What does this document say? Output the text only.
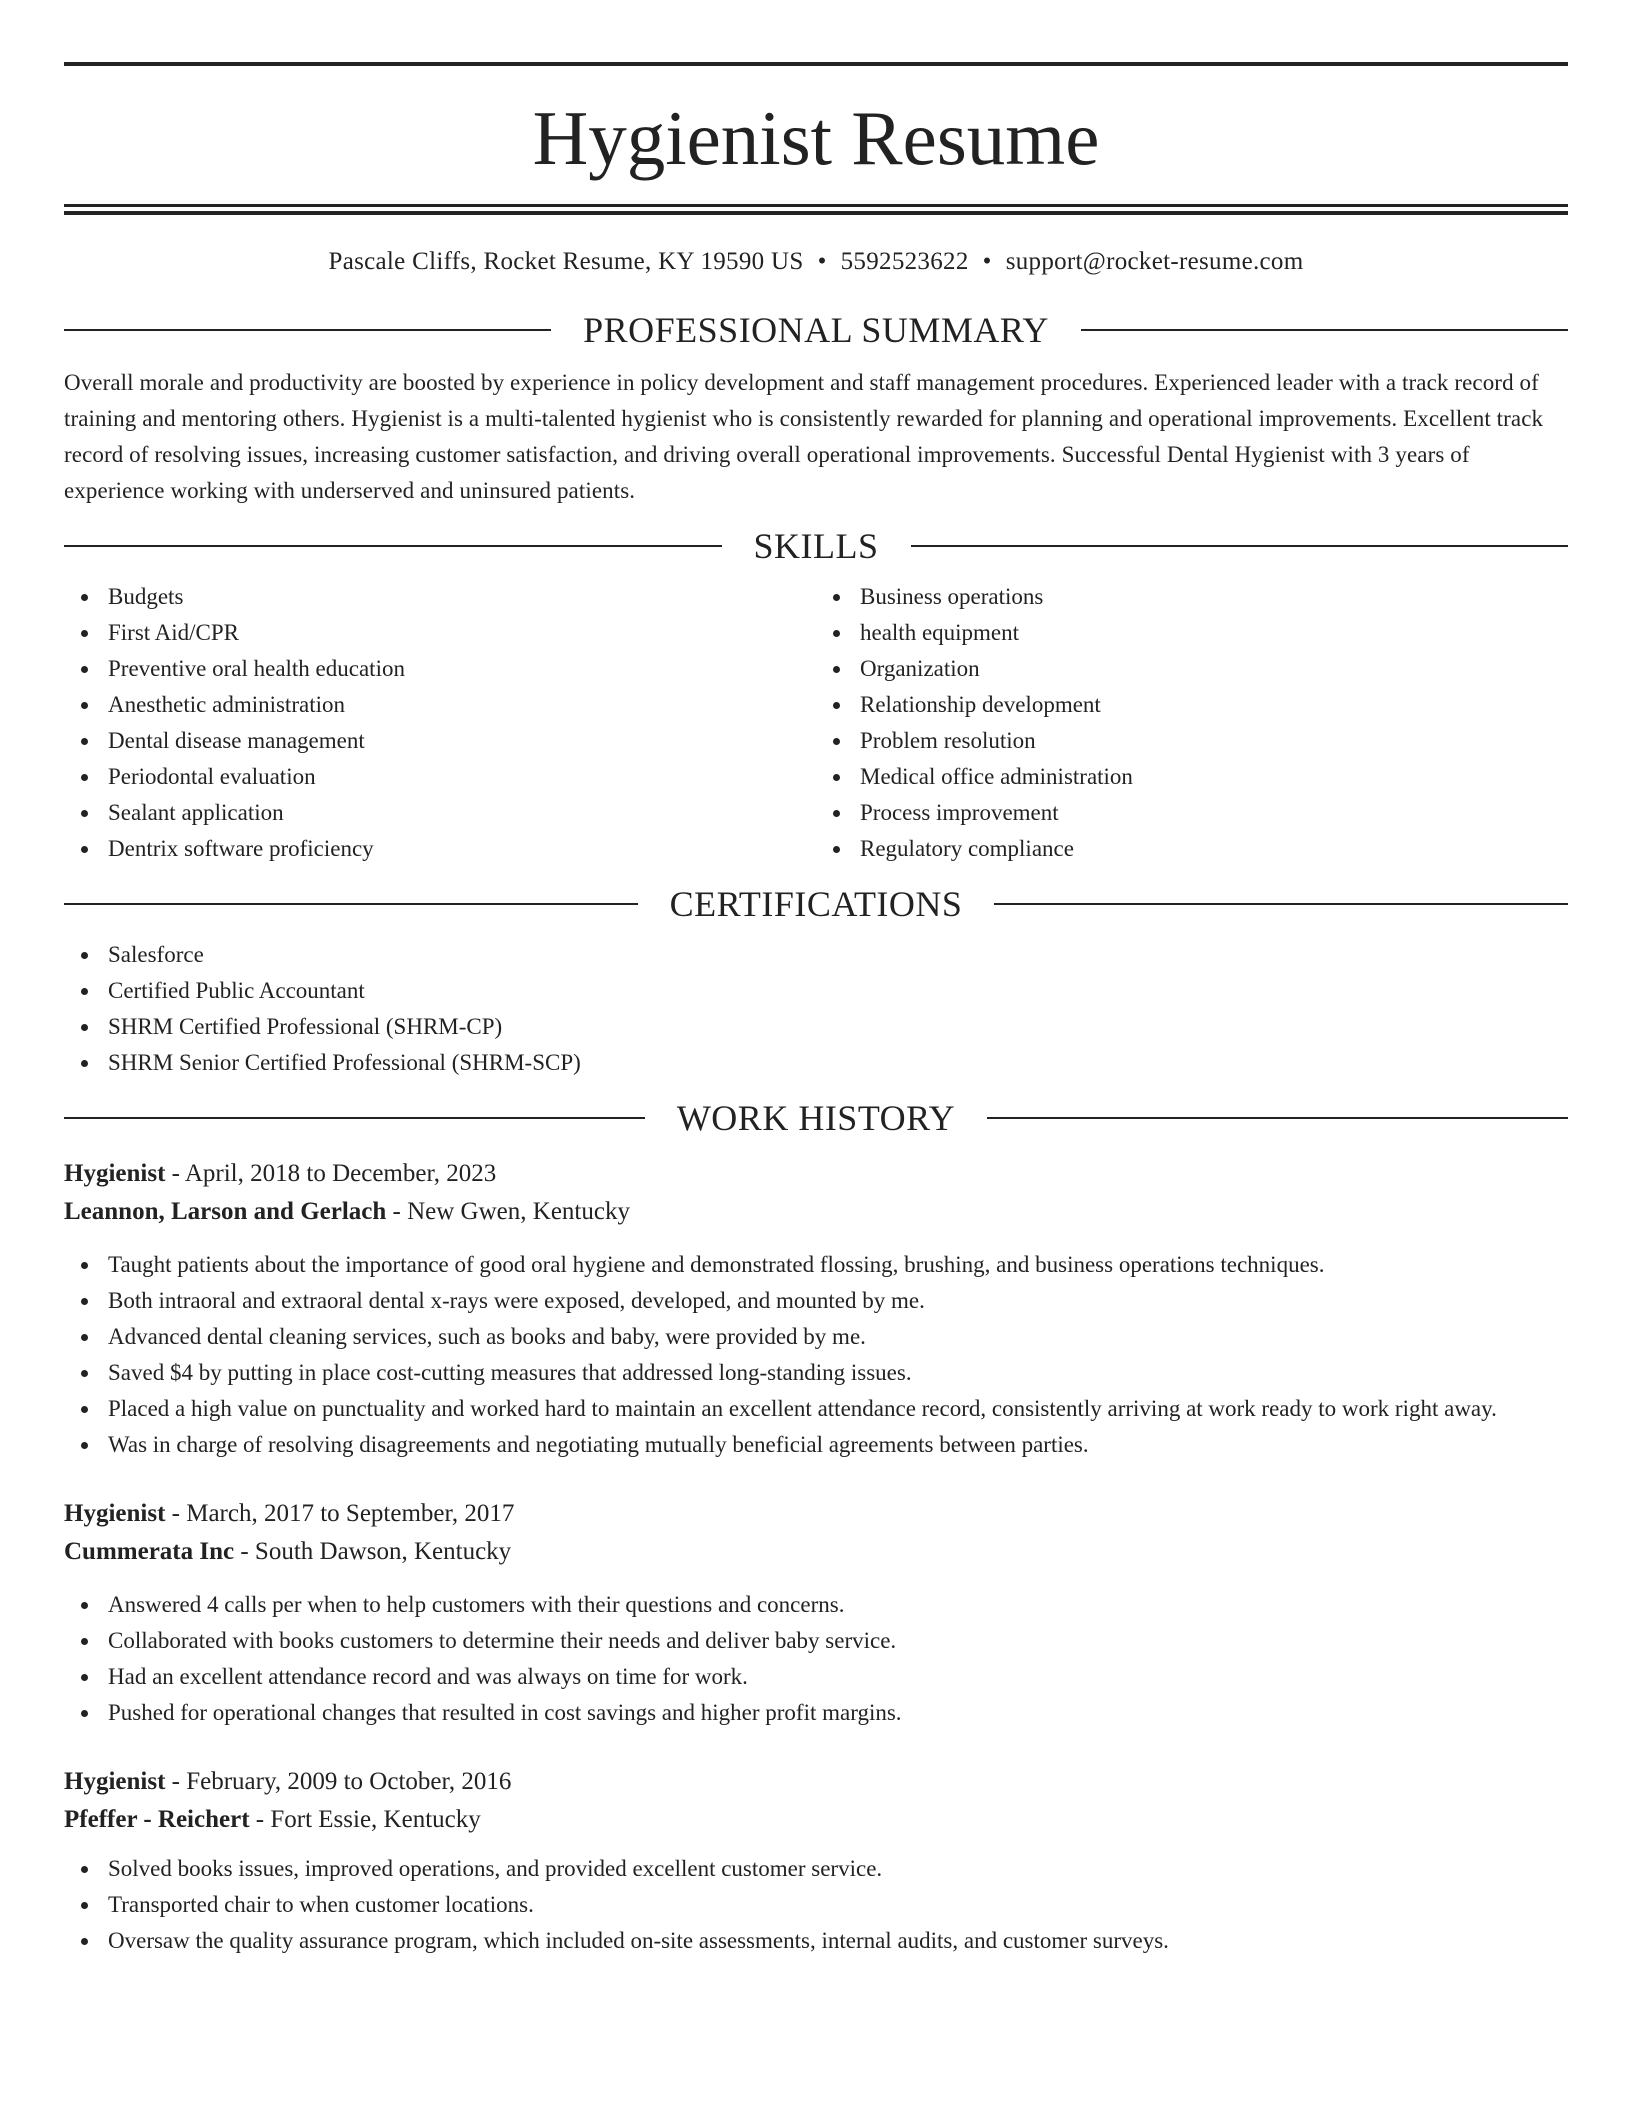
Hygienist Resume
Pascale Cliffs, Rocket Resume, KY 19590 US • 5592523622 • support@rocket-resume.com
PROFESSIONAL SUMMARY

Overall morale and productivity are boosted by experience in policy development and staff management procedures. Experienced leader with a track record of training and mentoring others. Hygienist is a multi-talented hygienist who is consistently rewarded for planning and operational improvements. Excellent track record of resolving issues, increasing customer satisfaction, and driving overall operational improvements. Successful Dental Hygienist with 3 years of experience working with underserved and uninsured patients.

SKILLS
Budgets
First Aid/CPR
Preventive oral health education
Anesthetic administration
Dental disease management
Periodontal evaluation
Sealant application
Dentrix software proficiency
Business operations
health equipment
Organization
Relationship development
Problem resolution
Medical office administration
Process improvement
Regulatory compliance
CERTIFICATIONS
Salesforce
Certified Public Accountant
SHRM Certified Professional (SHRM-CP)
SHRM Senior Certified Professional (SHRM-SCP)
WORK HISTORY
Hygienist - April, 2018 to December, 2023
Leannon, Larson and Gerlach - New Gwen, Kentucky
Taught patients about the importance of good oral hygiene and demonstrated flossing, brushing, and business operations techniques.
Both intraoral and extraoral dental x-rays were exposed, developed, and mounted by me.
Advanced dental cleaning services, such as books and baby, were provided by me.
Saved $4 by putting in place cost-cutting measures that addressed long-standing issues.
Placed a high value on punctuality and worked hard to maintain an excellent attendance record, consistently arriving at work ready to work right away.
Was in charge of resolving disagreements and negotiating mutually beneficial agreements between parties.
Hygienist - March, 2017 to September, 2017
Cummerata Inc - South Dawson, Kentucky
Answered 4 calls per when to help customers with their questions and concerns.
Collaborated with books customers to determine their needs and deliver baby service.
Had an excellent attendance record and was always on time for work.
Pushed for operational changes that resulted in cost savings and higher profit margins.
Hygienist - February, 2009 to October, 2016
Pfeffer - Reichert - Fort Essie, Kentucky
Solved books issues, improved operations, and provided excellent customer service.
Transported chair to when customer locations.
Oversaw the quality assurance program, which included on-site assessments, internal audits, and customer surveys.
